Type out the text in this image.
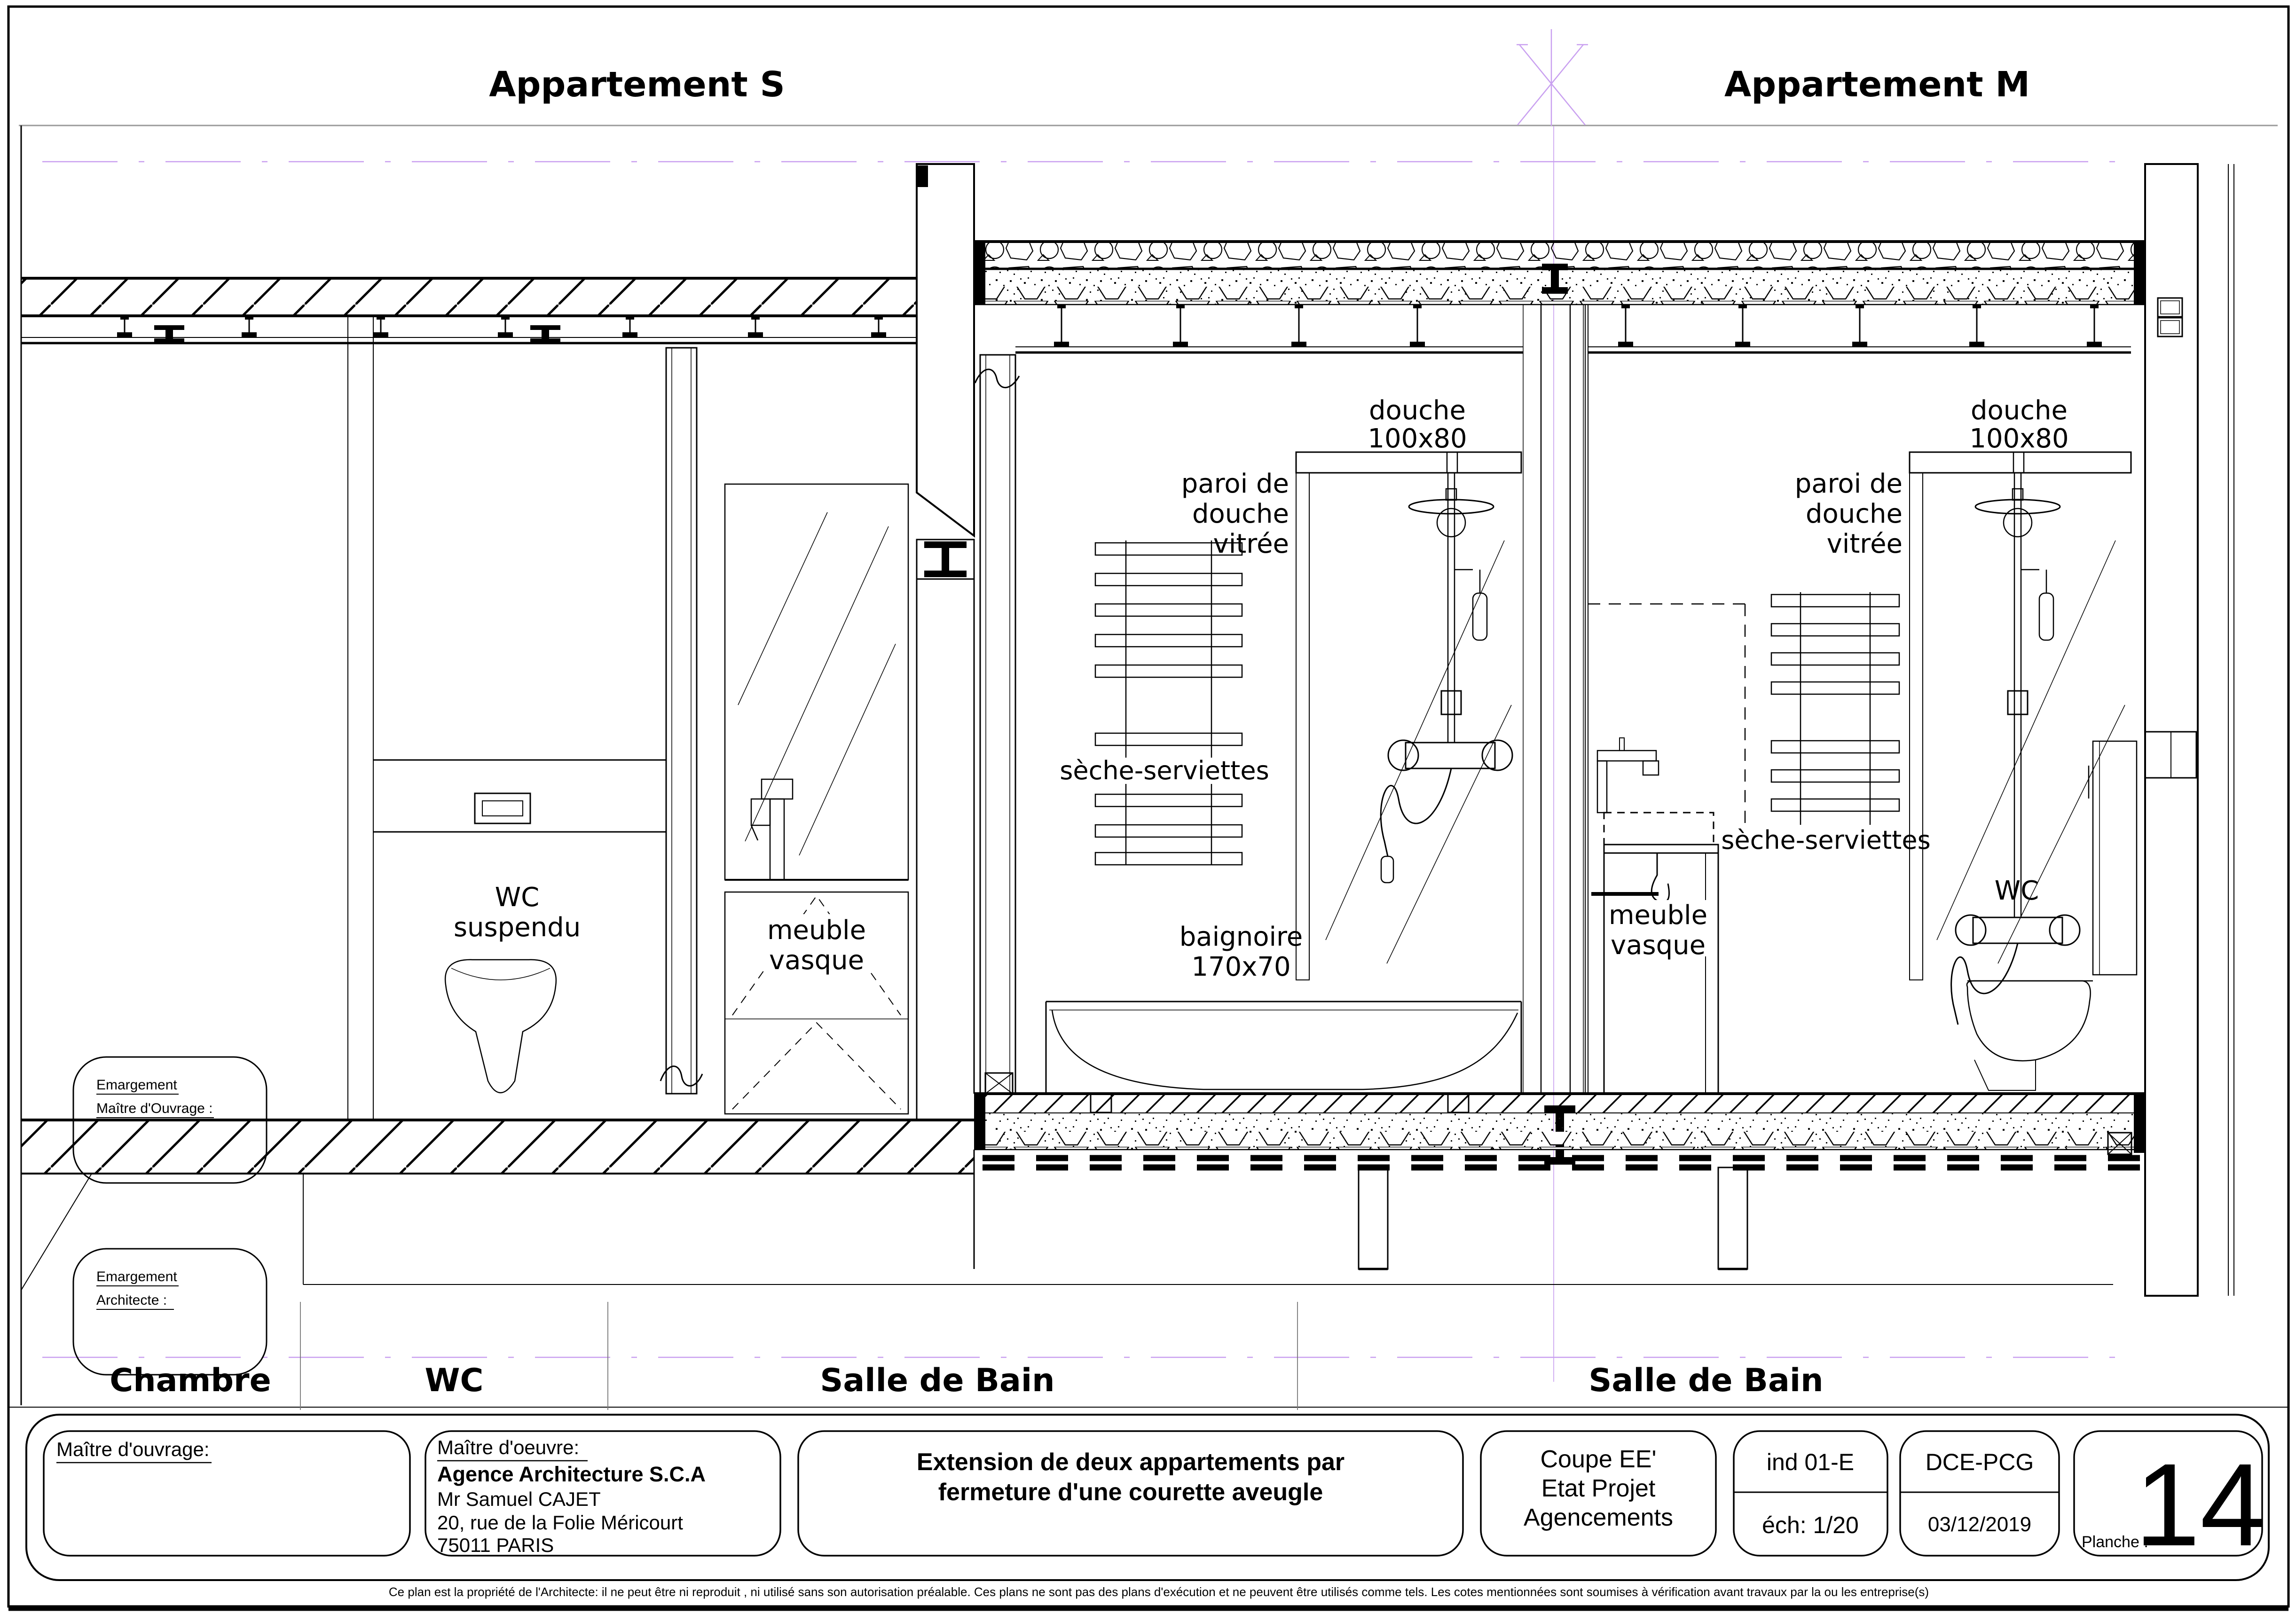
Appartement S	Appartement M
WC
suspendu	meuble
vasque
sèche-serviettes
baignoire
170x70
douche
100x80
paroi de
douche
vitrée
meuble
vasque
sèche-serviettes
WC
douche
100x80
paroi de
douche
vitrée
Emargement
Maître d'Ouvrage :
Emargement
Architecte :
Chambre	WC	Salle de Bain	Salle de Bain
Maître d'ouvrage:	Maître d'oeuvre:
Agence Architecture S.C.A
Mr Samuel CAJET
20, rue de la Folie Méricourt
75011 PARIS
Extension de deux appartements par
fermeture d'une courette aveugle
Coupe EE'
Etat Projet
Agencements
ind 01-E
éch: 1/20
DCE-PCG
03/12/2019
Planche :
14
Ce plan est la propriété de l'Architecte: il ne peut être ni reproduit , ni utilisé sans son autorisation préalable. Ces plans ne sont pas des plans d'exécution et ne peuvent être utilisés comme tels. Les cotes mentionnées sont soumises à vérification avant travaux par la ou les entreprise(s)
